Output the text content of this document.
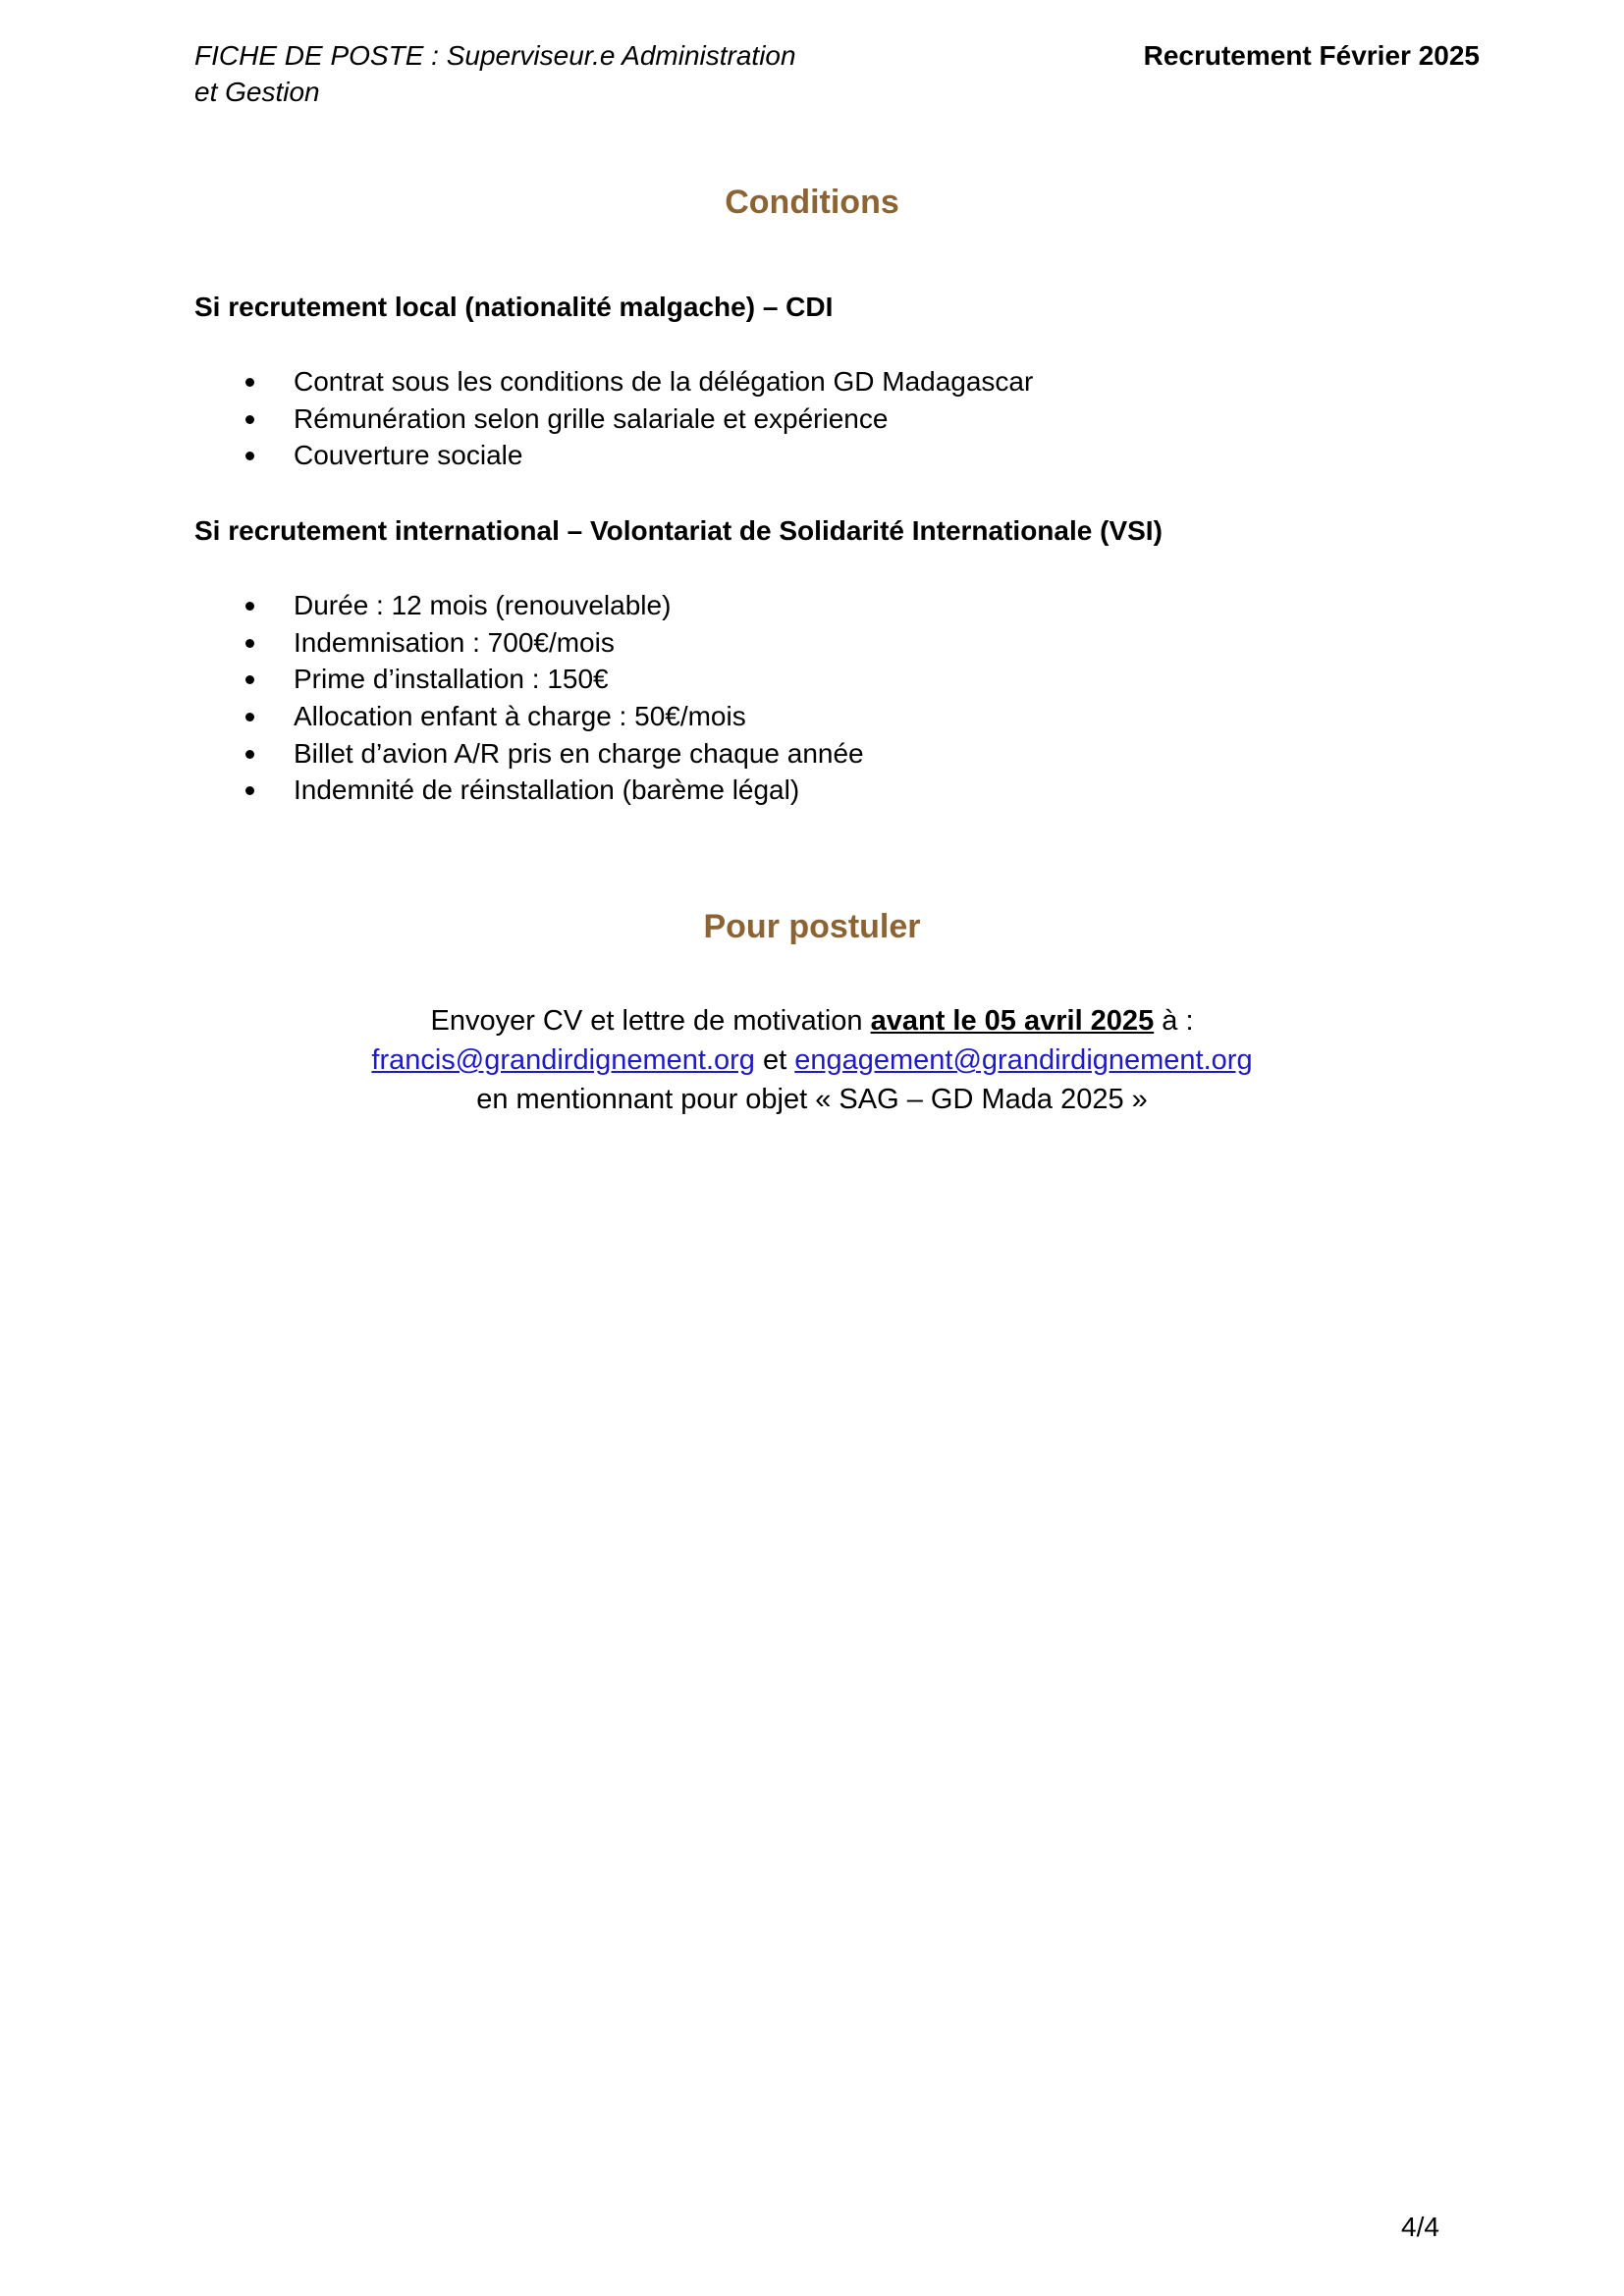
FICHE DE POSTE : Superviseur.e Administration
et Gestion
Recrutement Février 2025
Conditions
Si recrutement local (nationalité malgache) – CDI
Contrat sous les conditions de la délégation GD Madagascar
Rémunération selon grille salariale et expérience
Couverture sociale
Si recrutement international – Volontariat de Solidarité Internationale (VSI)
Durée : 12 mois (renouvelable)
Indemnisation : 700€/mois
Prime d’installation : 150€
Allocation enfant à charge : 50€/mois
Billet d’avion A/R pris en charge chaque année
Indemnité de réinstallation (barème légal)
Pour postuler
Envoyer CV et lettre de motivation avant le 05 avril 2025 à :
francis@grandirdignement.org et engagement@grandirdignement.org
en mentionnant pour objet « SAG – GD Mada 2025 »
4/4
